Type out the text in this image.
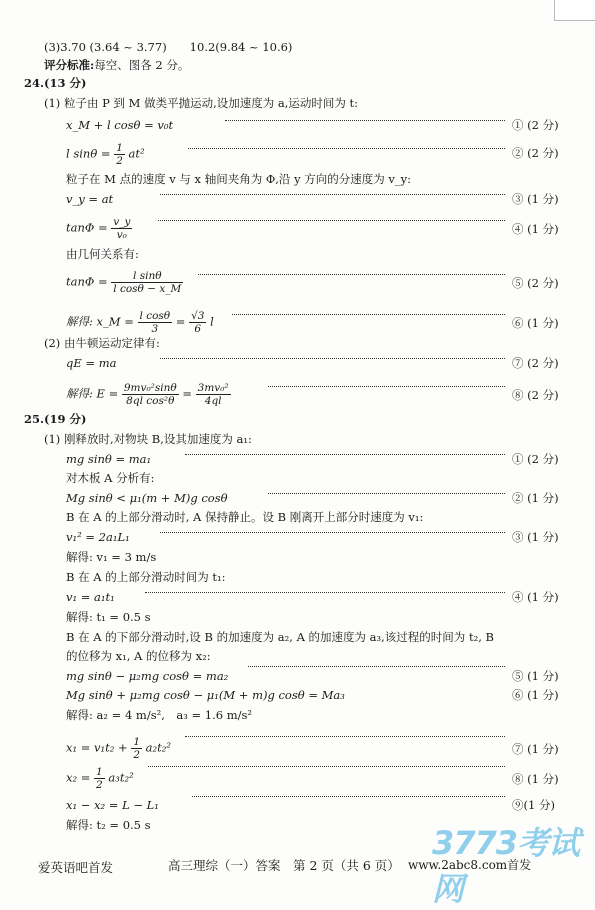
(3)3.70 (3.64 ~ 3.77)　　10.2(9.84 ~ 10.6)
评分标准:每空、图各 2 分。
24.(13 分)
(1) 粒子由 P 到 M 做类平抛运动,设加速度为 a,运动时间为 t:
x_M + l cosθ = v₀t	① (2 分)
l $\sin\theta = \frac{1}{2} at^2$	② (2 分)
粒子在 M 点的速度 v 与 x 轴间夹角为 Φ,沿 y 方向的分速度为 v_y:
v_y = at	③ (1 分)
$\tan\Phi = \frac{v\_y}{\text{v₀}}$	④ (1 分)
由几何关系有:
$\tan\Phi = \frac{\text{l sinθ}}{\text{l cosθ − x\_M}}$	⑤ (2 分)
解得: x_M = $\frac{\text{l cosθ}}{3} = \frac{√3}{6}$ l	⑥ (1 分)
(2) 由牛顿运动定律有:
qE = ma	⑦ (2 分)
解得: $E = \frac{\text{9mv₀²sinθ}}{\text{8ql cos²θ}} = \frac{\text{3mv₀²}}{4ql}$	⑧ (2 分)
25.(19 分)
(1) 刚释放时,对物块 B,设其加速度为 a₁:
mg sinθ = ma₁	① (2 分)
对木板 A 分析有:
Mg sinθ < μ₁(m + M)g cosθ	② (1 分)
B 在 A 的上部分滑动时, A 保持静止。设 B 刚离开上部分时速度为 v₁:
v₁² = 2a₁L₁	③ (1 分)
解得: v₁ = 3 m/s
B 在 A 的上部分滑动时间为 t₁:
v₁ = a₁t₁	④ (1 分)
解得: t₁ = 0.5 s
B 在 A 的下部分滑动时,设 B 的加速度为 a₂, A 的加速度为 a₃,该过程的时间为 t₂, B
的位移为 x₁, A 的位移为 x₂:
mg sinθ − μ₂mg cosθ = ma₂	⑤ (1 分)
Mg sinθ + μ₂mg cosθ − μ₁(M + m)g cosθ = Ma₃	⑥ (1 分)
解得: a₂ = 4 m/s²,　a₃ = 1.6 m/s²
$x_1 = v_1t_2 + \frac{1}{2} a_2t_2^2$	⑦ (1 分)
$x_2 = \frac{1}{2} a_3t_2^2$	⑧ (1 分)
x₁ − x₂ = L − L₁	⑨(1 分)
解得: t₂ = 0.5 s	3773考试网
爱英语吧首发	高三理综（一）答案　第 2 页（共 6 页） www.2abc8.com首发
